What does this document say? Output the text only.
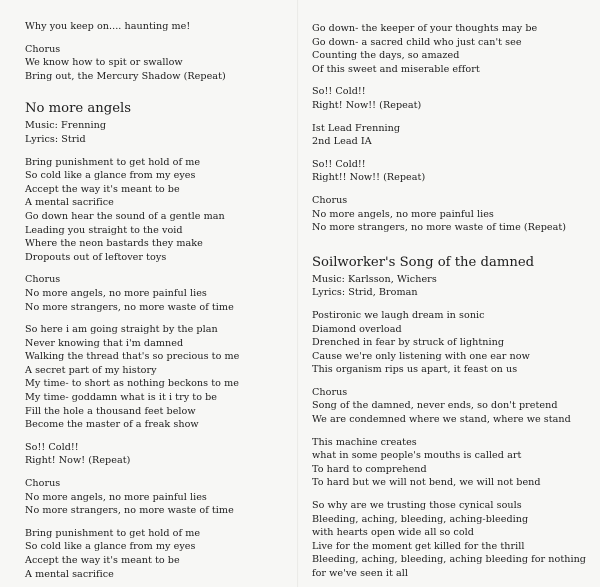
Why you keep on.... haunting me!
Chorus
We know how to spit or swallow
Bring out, the Mercury Shadow (Repeat)
No more angels
Music: Frenning
Lyrics: Strid
Bring punishment to get hold of me
So cold like a glance from my eyes
Accept the way it's meant to be
A mental sacrifice
Go down hear the sound of a gentle man
Leading you straight to the void
Where the neon bastards they make
Dropouts out of leftover toys
Chorus
No more angels, no more painful lies
No more strangers, no more waste of time
So here i am going straight by the plan
Never knowing that i'm damned
Walking the thread that's so precious to me
A secret part of my history
My time- to short as nothing beckons to me
My time- goddamn what is it i try to be
Fill the hole a thousand feet below
Become the master of a freak show
So!! Cold!!
Right! Now! (Repeat)
Chorus
No more angels, no more painful lies
No more strangers, no more waste of time
Bring punishment to get hold of me
So cold like a glance from my eyes
Accept the way it's meant to be
A mental sacrifice
Go down- the keeper of your thoughts may be
Go down- a sacred child who just can't see
Counting the days, so amazed
Of this sweet and miserable effort
So!! Cold!!
Right! Now!! (Repeat)
Ist Lead Frenning
2nd Lead IA
So!! Cold!!
Right!! Now!! (Repeat)
Chorus
No more angels, no more painful lies
No more strangers, no more waste of time (Repeat)
Soilworker's Song of the damned
Music: Karlsson, Wichers
Lyrics: Strid, Broman
Postironic we laugh dream in sonic
Diamond overload
Drenched in fear by struck of lightning
Cause we're only listening with one ear now
This organism rips us apart, it feast on us
Chorus
Song of the damned, never ends, so don't pretend
We are condemned where we stand, where we stand
This machine creates
what in some people's mouths is called art
To hard to comprehend
To hard but we will not bend, we will not bend
So why are we trusting those cynical souls
Bleeding, aching, bleeding, aching-bleeding
with hearts open wide all so cold
Live for the moment get killed for the thrill
Bleeding, aching, bleeding, aching bleeding for nothing
for we've seen it all
